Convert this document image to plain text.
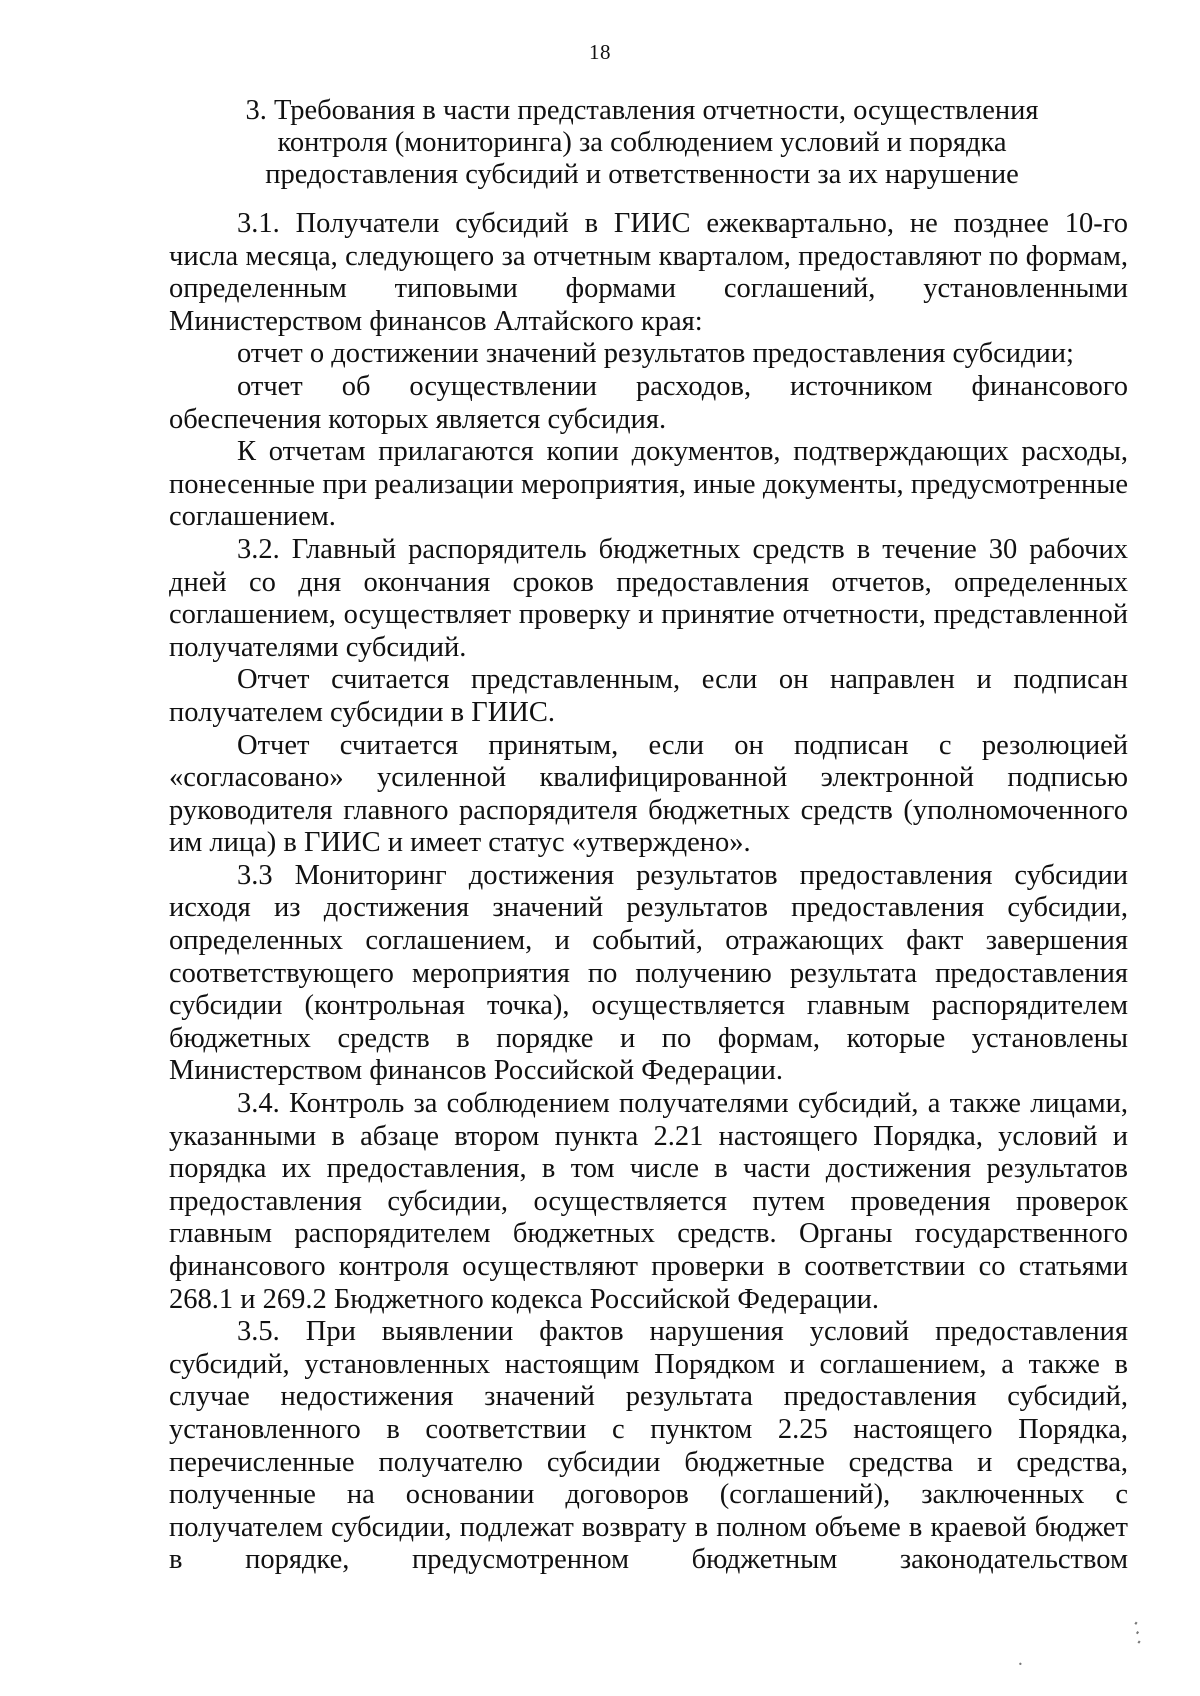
18
3. Требования в части представления отчетности, осуществления
контроля (мониторинга) за соблюдением условий и порядка
предоставления субсидий и ответственности за их нарушение

3.1. Получатели субсидий в ГИИС ежеквартально, не позднее 10-го числа месяца, следующего за отчетным кварталом, предоставляют по формам, определенным типовыми формами соглашений, установленными Министерством финансов Алтайского края:

отчет о достижении значений результатов предоставления субсидии;

отчет об осуществлении расходов, источником финансового обеспечения которых является субсидия.

К отчетам прилагаются копии документов, подтверждающих расходы, понесенные при реализации мероприятия, иные документы, предусмотренные соглашением.

3.2. Главный распорядитель бюджетных средств в течение 30 рабочих дней со дня окончания сроков предоставления отчетов, определенных соглашением, осуществляет проверку и принятие отчетности, представленной получателями субсидий.

Отчет считается представленным, если он направлен и подписан получателем субсидии в ГИИС.

Отчет считается принятым, если он подписан с резолюцией «согласовано» усиленной квалифицированной электронной подписью руководителя главного распорядителя бюджетных средств (уполномоченного им лица) в ГИИС и имеет статус «утверждено».

3.3 Мониторинг достижения результатов предоставления субсидии исходя из достижения значений результатов предоставления субсидии, определенных соглашением, и событий, отражающих факт завершения соответствующего мероприятия по получению результата предоставления субсидии (контрольная точка), осуществляется главным распорядителем бюджетных средств в порядке и по формам, которые установлены Министерством финансов Российской Федерации.

3.4. Контроль за соблюдением получателями субсидий, а также лицами, указанными в абзаце втором пункта 2.21 настоящего Порядка, условий и порядка их предоставления, в том числе в части достижения результатов предоставления субсидии, осуществляется путем проведения проверок главным распорядителем бюджетных средств. Органы государственного финансового контроля осуществляют проверки в соответствии со статьями 268.1 и 269.2 Бюджетного кодекса Российской Федерации.

3.5. При выявлении фактов нарушения условий предоставления субсидий, установленных настоящим Порядком и соглашением, а также в случае недостижения значений результата предоставления субсидий, установленного в соответствии с пунктом 2.25 настоящего Порядка, перечисленные получателю субсидии бюджетные средства и средства, полученные на основании договоров (соглашений), заключенных с получателем субсидии, подлежат возврату в полном объеме в краевой бюджет в порядке, предусмотренном бюджетным законодательством

⋱
•
